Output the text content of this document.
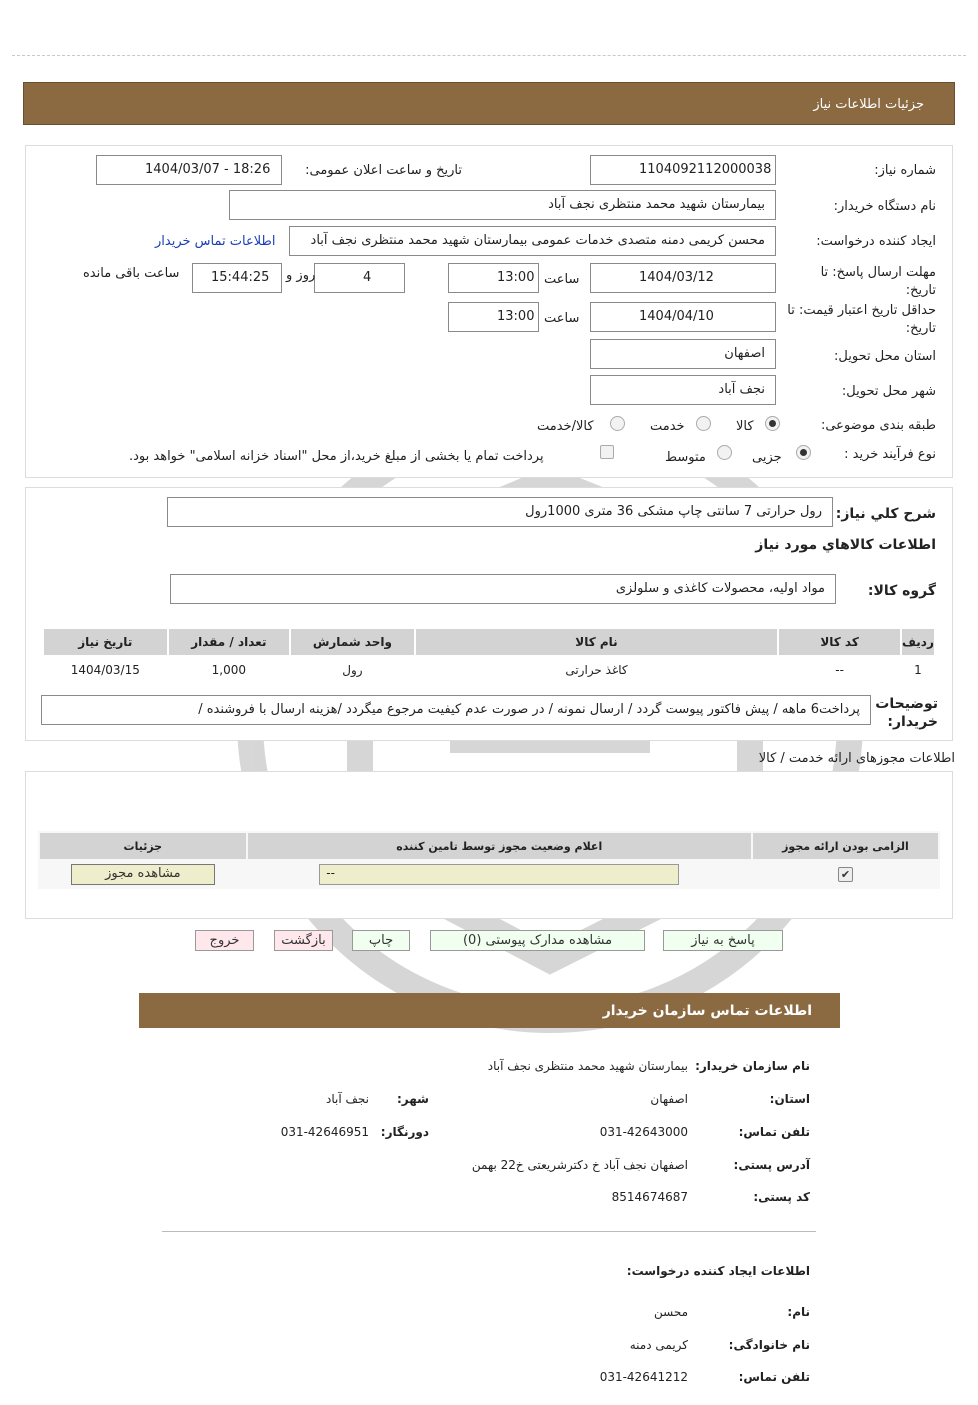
جزئيات اطلاعات نياز
شماره نياز:
1104092112000038
تاريخ و ساعت اعلان عمومی:
1404/03/07 - 18:26
نام دستگاه خریدار:
بیمارستان شهید محمد منتظری نجف آباد
ایجاد کننده درخواست:
محسن کریمی دمنه متصدی خدمات عمومی بیمارستان شهید محمد منتظری نجف آباد
اطلاعات تماس خریدار
مهلت ارسال پاسخ: تا تاریخ:
1404/03/12
ساعت
13:00
4
روز و
15:44:25
ساعت باقی مانده
حداقل تاريخ اعتبار قيمت: تا تاريخ:
1404/04/10
ساعت
13:00
استان محل تحویل:
اصفهان
شهر محل تحویل:
نجف آباد
طبقه بندی موضوعی:
کالا
خدمت
کالا/خدمت
نوع فرآیند خرید :
جزیی
متوسط
پرداخت تمام یا بخشی از مبلغ خرید،از محل "اسناد خزانه اسلامی" خواهد بود.
شرح کلي نياز:
رول حرارتی 7 سانتی چاپ مشکی 36 متری 1000رول
اطلاعات کالاهاي مورد نياز
گروه کالا:
مواد اولیه، محصولات کاغذی و سلولزی
رديف	کد کالا	نام کالا	واحد شمارش	تعداد / مقدار	تاريخ نياز
1	--	کاغذ حرارتی	رول	1,000	1404/03/15
توضیحات خریدار:
پرداخت6 ماهه / پیش فاکتور پیوست گردد / ارسال نمونه / در صورت عدم کیفیت مرجوع میگردد /هزینه ارسال با فروشنده /
اطلاعات مجوزهای ارائه خدمت / کالا
الزامی بودن ارائه مجوز	اعلام وضعیت مجوز توسط تامین کننده	جزئیات
✔	--	مشاهده مجوز
پاسخ به نياز
مشاهده مدارک پیوستی (0)
چاپ
بازگشت
خروج
اطلاعات تماس سازمان خریدار
نام سازمان خریدار:
بیمارستان شهید محمد منتظری نجف آباد
استان:
اصفهان
شهر:
نجف آباد
تلفن تماس:
031-42643000
دورنگار:
031-42646951
آدرس پستی:
اصفهان نجف آباد خ دکترشریعتی خ22 بهمن
کد پستی:
8514674687
اطلاعات ایجاد کننده درخواست:
نام:
محسن
نام خانوادگی:
کریمی دمنه
تلفن تماس:
031-42641212
